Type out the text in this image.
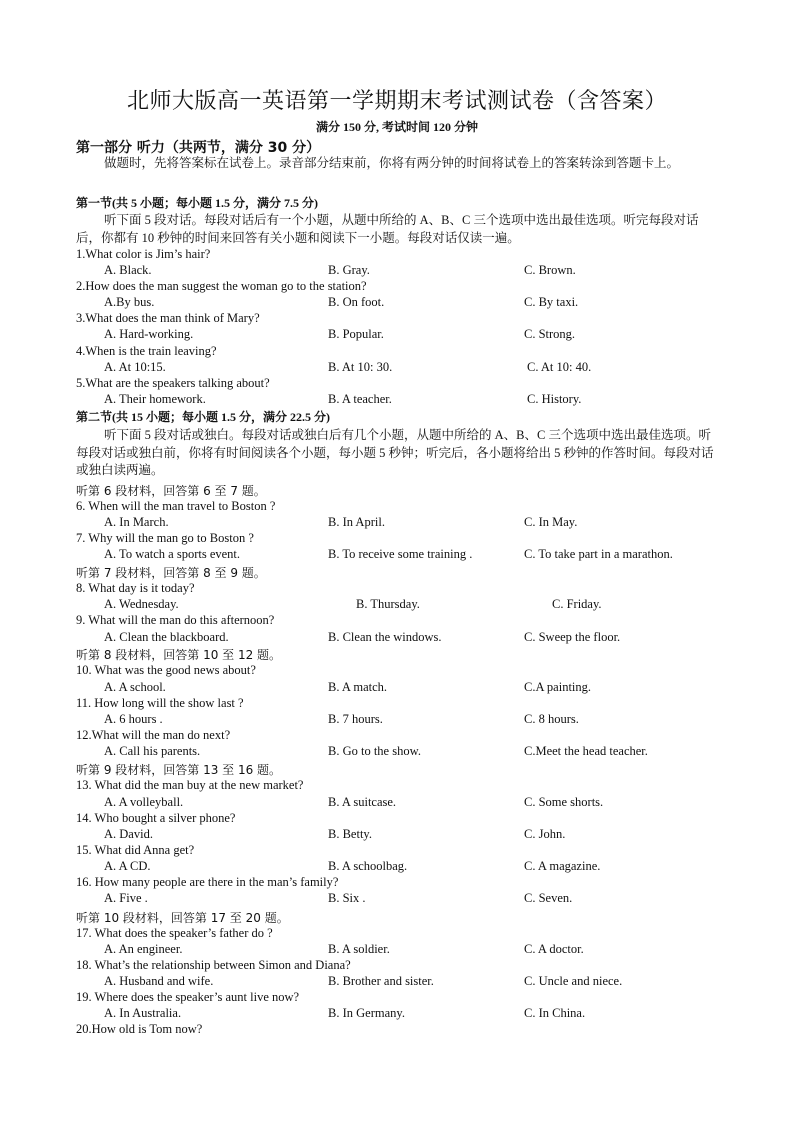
北师大版高一英语第一学期期末考试测试卷（含答案）
满分 150 分, 考试时间 120 分钟
第一部分 听力（共两节，满分 30 分）
做题时，先将答案标在试卷上。录音部分结束前，你将有两分钟的时间将试卷上的答案转涂到答题卡上。
第一节(共 5 小题；每小题 1.5 分，满分 7.5 分)
听下面 5 段对话。每段对话后有一个小题，从题中所给的 A、B、C 三个选项中选出最佳选项。听完每段对话后，你都有 10 秒钟的时间来回答有关小题和阅读下一小题。每段对话仅读一遍。
1.What color is Jim’s hair?
A. Black.	B. Gray.	C. Brown.
2.How does the man suggest the woman go to the station?
A.By bus.	B. On foot.	C. By taxi.
3.What does the man think of Mary?
A. Hard-working.	B. Popular.	C. Strong.
4.When is the train leaving?
A. At 10:15.	B. At 10: 30.	C. At 10: 40.
5.What are the speakers talking about?
A. Their homework.	B. A teacher.	C. History.
第二节(共 15 小题；每小题 1.5 分，满分 22.5 分)
听下面 5 段对话或独白。每段对话或独白后有几个小题，从题中所给的 A、B、C 三个选项中选出最佳选项。听每段对话或独白前，你将有时间阅读各个小题，每小题 5 秒钟；听完后，各小题将给出 5 秒钟的作答时间。每段对话或独白读两遍。
听第 6 段材料，回答第 6 至 7 题。
6. When will the man travel to Boston ?
A. In March.	B. In April.	C. In May.
7. Why will the man go to Boston ?
A. To watch a sports event.	B. To receive some training .	C. To take part in a marathon.
听第 7 段材料，回答第 8 至 9 题。
8. What day is it today?
A. Wednesday.	B. Thursday.	C. Friday.
9. What will the man do this afternoon?
A. Clean the blackboard.	B. Clean the windows.	C. Sweep the floor.
听第 8 段材料，回答第 10 至 12 题。
10. What was the good news about?
A. A school.	B. A match.	C.A painting.
11. How long will the show last ?
A. 6 hours .	B. 7 hours.	C. 8 hours.
12.What will the man do next?
A. Call his parents.	B. Go to the show.	C.Meet the head teacher.
听第 9 段材料，回答第 13 至 16 题。
13. What did the man buy at the new market?
A. A volleyball.	B. A suitcase.	C. Some shorts.
14. Who bought a silver phone?
A. David.	B. Betty.	C. John.
15. What did Anna get?
A. A CD.	B. A schoolbag.	C. A magazine.
16. How many people are there in the man’s family?
A. Five .	B. Six .	C. Seven.
听第 10 段材料，回答第 17 至 20 题。
17. What does the speaker’s father do ?
A. An engineer.	B. A soldier.	C. A doctor.
18. What’s the relationship between Simon and Diana?
A. Husband and wife.	B. Brother and sister.	C. Uncle and niece.
19. Where does the speaker’s aunt live now?
A. In Australia.	B. In Germany.	C. In China.
20.How old is Tom now?
